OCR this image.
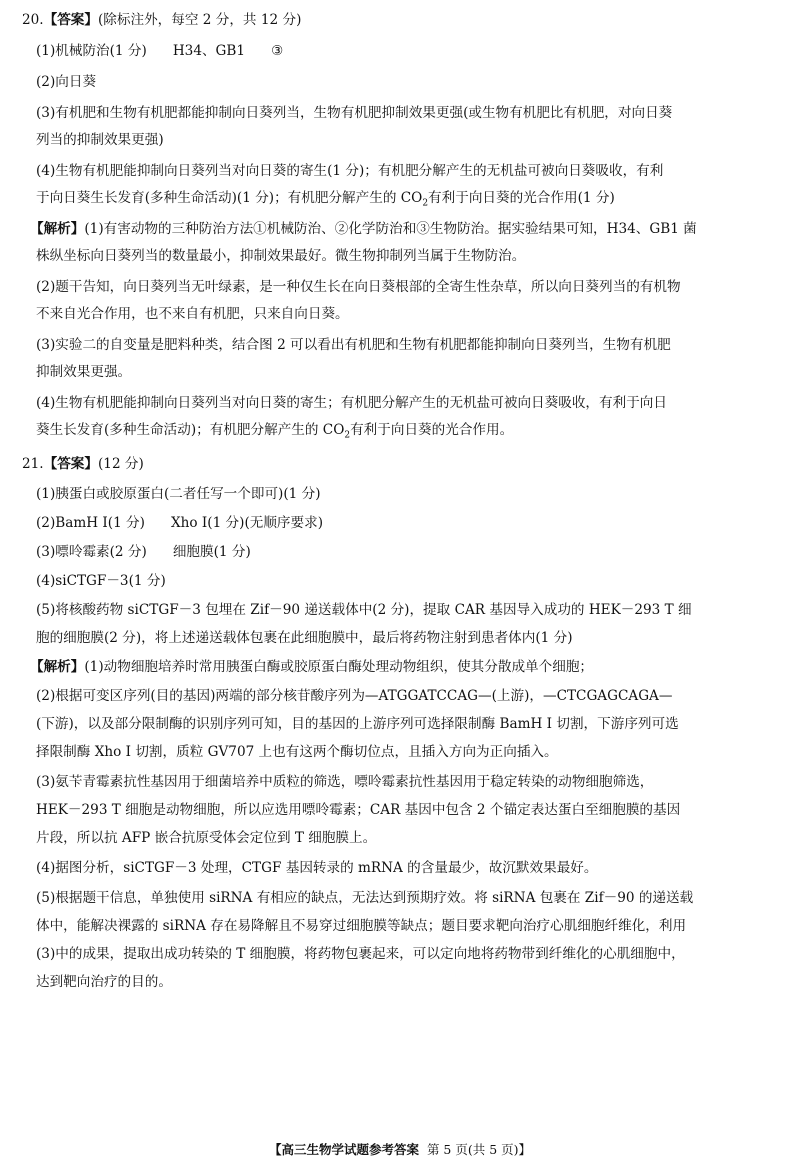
20.【答案】(除标注外，每空 2 分，共 12 分)
(1)机械防治(1 分) H34、GB1 ③
(2)向日葵
(3)有机肥和生物有机肥都能抑制向日葵列当，生物有机肥抑制效果更强(或生物有机肥比有机肥，对向日葵
列当的抑制效果更强)
(4)生物有机肥能抑制向日葵列当对向日葵的寄生(1 分)；有机肥分解产生的无机盐可被向日葵吸收，有利
于向日葵生长发育(多种生命活动)(1 分)；有机肥分解产生的 $CO_2$有利于向日葵的光合作用(1 分)
【解析】(1)有害动物的三种防治方法①机械防治、②化学防治和③生物防治。据实验结果可知，H34、GB1 菌
株纵坐标向日葵列当的数量最小，抑制效果最好。微生物抑制列当属于生物防治。
(2)题干告知，向日葵列当无叶绿素，是一种仅生长在向日葵根部的全寄生性杂草，所以向日葵列当的有机物
不来自光合作用，也不来自有机肥，只来自向日葵。
(3)实验二的自变量是肥料种类，结合图 2 可以看出有机肥和生物有机肥都能抑制向日葵列当，生物有机肥
抑制效果更强。
(4)生物有机肥能抑制向日葵列当对向日葵的寄生；有机肥分解产生的无机盐可被向日葵吸收，有利于向日
葵生长发育(多种生命活动)；有机肥分解产生的 $CO_2$有利于向日葵的光合作用。
21.【答案】(12 分)
(1)胰蛋白或胶原蛋白(二者任写一个即可)(1 分)
(2)BamH Ⅰ(1 分) Xho Ⅰ(1 分)(无顺序要求)
(3)嘌呤霉素(2 分) 细胞膜(1 分)
(4)siCTGF－3(1 分)
(5)将核酸药物 siCTGF－3 包埋在 Zif－90 递送载体中(2 分)，提取 CAR 基因导入成功的 HEK－293 T 细
胞的细胞膜(2 分)，将上述递送载体包裹在此细胞膜中，最后将药物注射到患者体内(1 分)
【解析】(1)动物细胞培养时常用胰蛋白酶或胶原蛋白酶处理动物组织，使其分散成单个细胞；
(2)根据可变区序列(目的基因)两端的部分核苷酸序列为—ATGGATCCAG—(上游)，—CTCGAGCAGA—
(下游)，以及部分限制酶的识别序列可知，目的基因的上游序列可选择限制酶 BamH Ⅰ 切割，下游序列可选
择限制酶 Xho Ⅰ 切割，质粒 GV707 上也有这两个酶切位点，且插入方向为正向插入。
(3)氨苄青霉素抗性基因用于细菌培养中质粒的筛选，嘌呤霉素抗性基因用于稳定转染的动物细胞筛选，
HEK－293 T 细胞是动物细胞，所以应选用嘌呤霉素；CAR 基因中包含 2 个锚定表达蛋白至细胞膜的基因
片段，所以抗 AFP 嵌合抗原受体会定位到 T 细胞膜上。
(4)据图分析，siCTGF－3 处理，CTGF 基因转录的 mRNA 的含量最少，故沉默效果最好。
(5)根据题干信息，单独使用 siRNA 有相应的缺点，无法达到预期疗效。将 siRNA 包裹在 Zif－90 的递送载
体中，能解决裸露的 siRNA 存在易降解且不易穿过细胞膜等缺点；题目要求靶向治疗心肌细胞纤维化，利用
(3)中的成果，提取出成功转染的 T 细胞膜，将药物包裹起来，可以定向地将药物带到纤维化的心肌细胞中，
达到靶向治疗的目的。
【高三生物学试题参考答案 第 5 页(共 5 页)】
